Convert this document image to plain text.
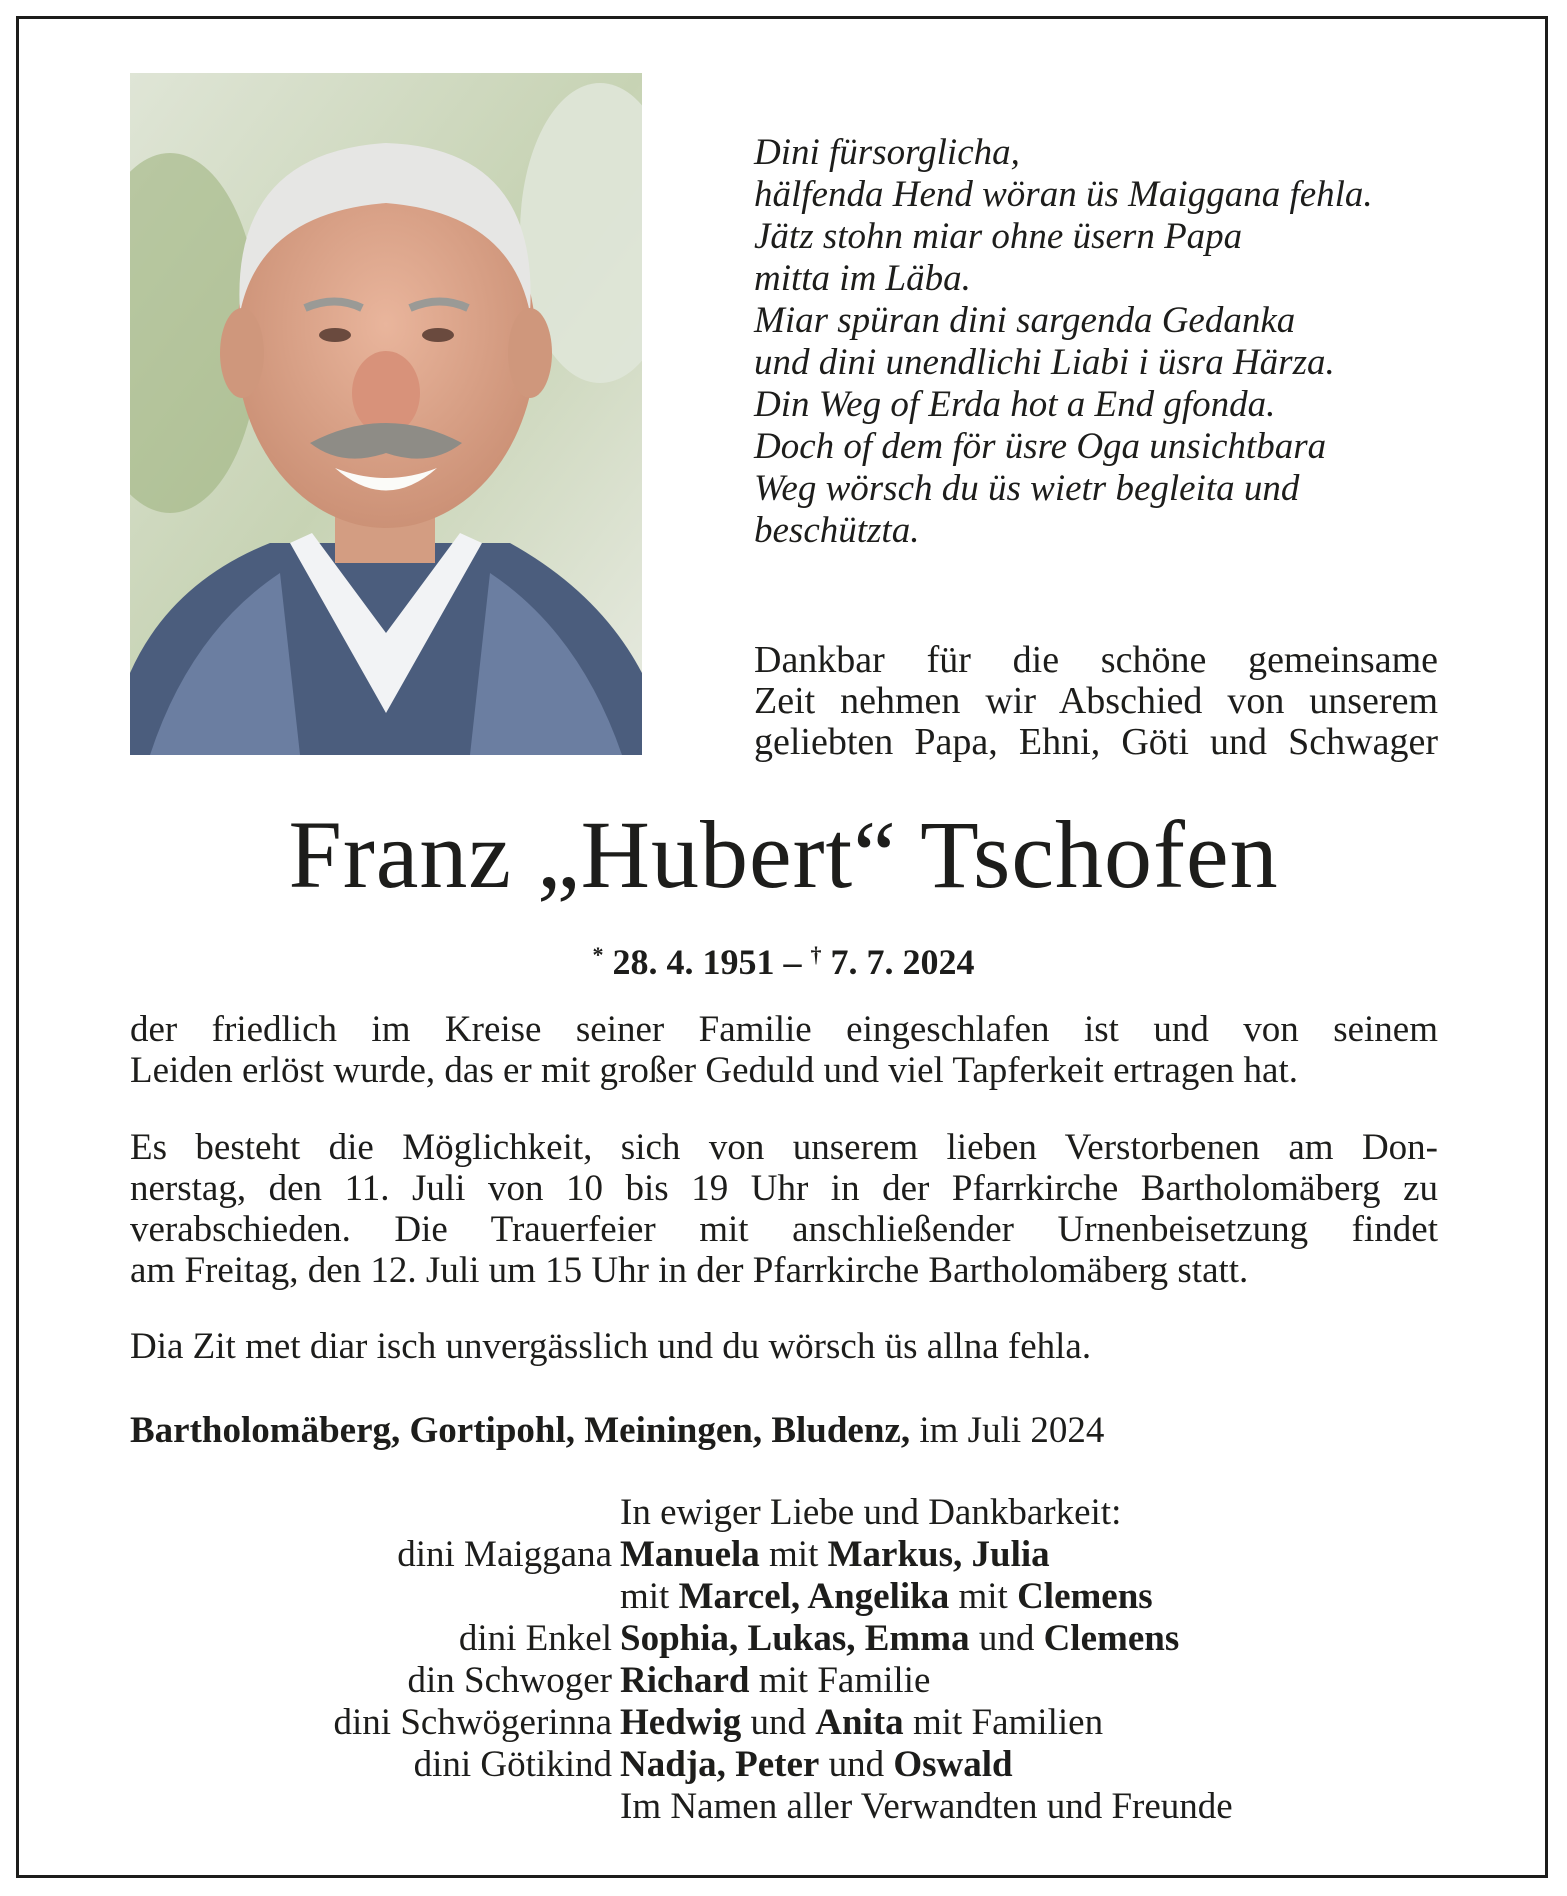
Dini fürsorglicha,
hälfenda Hend wöran üs Maiggana fehla.
Jätz stohn miar ohne üsern Papa
mitta im Läba.
Miar spüran dini sargenda Gedanka
und dini unendlichi Liabi i üsra Härza.
Din Weg of Erda hot a End gfonda.
Doch of dem för üsre Oga unsichtbara
Weg wörsch du üs wietr begleita und
beschützta.
Dankbar für die schöne gemeinsame
Zeit nehmen wir Abschied von unserem
geliebten Papa, Ehni, Göti und Schwager
Franz „Hubert“ Tschofen
* 28. 4. 1951 – † 7. 7. 2024
der friedlich im Kreise seiner Familie eingeschlafen ist und von seinem
Leiden erlöst wurde, das er mit großer Geduld und viel Tapferkeit ertragen hat.
Es besteht die Möglichkeit, sich von unserem lieben Verstorbenen am Don-
nerstag, den 11. Juli von 10 bis 19 Uhr in der Pfarrkirche Bartholomäberg zu
verabschieden. Die Trauerfeier mit anschließender Urnenbeisetzung findet
am Freitag, den 12. Juli um 15 Uhr in der Pfarrkirche Bartholomäberg statt.
Dia Zit met diar isch unvergässlich und du wörsch üs allna fehla.
Bartholomäberg, Gortipohl, Meiningen, Bludenz, im Juli 2024
In ewiger Liebe und Dankbarkeit:
dini Maiggana Manuela mit Markus, Julia
mit Marcel, Angelika mit Clemens
dini Enkel Sophia, Lukas, Emma und Clemens
din Schwoger Richard mit Familie
dini Schwögerinna Hedwig und Anita mit Familien
dini Götikind Nadja, Peter und Oswald
Im Namen aller Verwandten und Freunde
